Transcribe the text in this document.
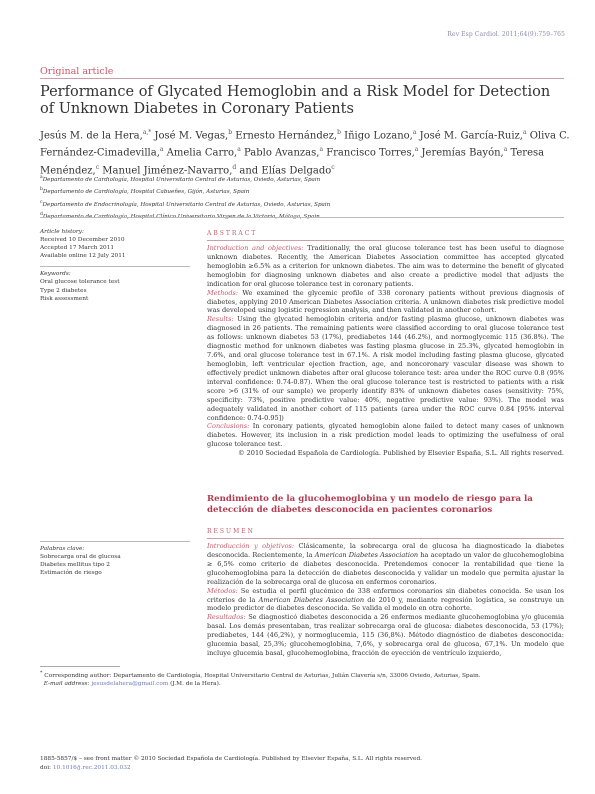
Rev Esp Cardiol. 2011;64(9):759–765
Original article
Performance of Glycated Hemoglobin and a Risk Model for Detection of Unknown Diabetes in Coronary Patients
Jesús M. de la Hera,$^{a,*}$ José M. Vegas,$^b$ Ernesto Hernández,$^b$ Iñigo Lozano,$^a$ José M. García-Ruiz,$^a$ Oliva C. Fernández-Cimadevilla,$^a$ Amelia Carro,$^a$ Pablo Avanzas,$^a$ Francisco Torres,$^a$ Jeremías Bayón,$^a$ Teresa Menéndez,$^c$ Manuel Jiménez-Navarro,$^d$ and Elías Delgado$^c$
$^a$Departamento de Cardiología, Hospital Universitario Central de Asturias, Oviedo, Asturias, Spain
$^b$Departamento de Cardiología, Hospital Cabueñes, Gijón, Asturias, Spain
$^c$Departamento de Endocrinología, Hospital Universitario Central de Asturias, Oviedo, Asturias, Spain
$^d$Departamento de Cardiología, Hospital Clínico Universitario Virgen de la Victoria, Málaga, Spain
Article history:
Received 10 December 2010
Accepted 17 March 2011
Available online 12 July 2011
Keywords:
Oral glucose tolerance test
Type 2 diabetes
Risk assessment
ABSTRACT
Introduction and objectives: Traditionally, the oral glucose tolerance test has been useful to diagnose unknown diabetes. Recently, the American Diabetes Association committee has accepted glycated hemoglobin ≥6.5% as a criterion for unknown diabetes. The aim was to determine the benefit of glycated hemoglobin for diagnosing unknown diabetes and also create a predictive model that adjusts the indication for oral glucose tolerance test in coronary patients.
Methods: We examined the glycemic profile of 338 coronary patients without previous diagnosis of diabetes, applying 2010 American Diabetes Association criteria. A unknown diabetes risk predictive model was developed using logistic regression analysis, and then validated in another cohort.
Results: Using the glycated hemoglobin criteria and/or fasting plasma glucose, unknown diabetes was diagnosed in 26 patients. The remaining patients were classified according to oral glucose tolerance test as follows: unknown diabetes 53 (17%), prediabetes 144 (46.2%), and normoglycemic 115 (36.8%). The diagnostic method for unknown diabetes was fasting plasma glucose in 25.3%, glycated hemoglobin in 7.6%, and oral glucose tolerance test in 67.1%. A risk model including fasting plasma glucose, glycated hemoglobin, left ventricular ejection fraction, age, and noncoronary vascular disease was shown to effectively predict unknown diabetes after oral glucose tolerance test: area under the ROC curve 0.8 (95% interval confidence: 0.74-0.87). When the oral glucose tolerance test is restricted to patients with a risk score >6 (31% of our sample) we properly identify 83% of unknown diabetes cases (sensitivity: 75%, specificity: 73%, positive predictive value: 40%, negative predictive value: 93%). The model was adequately validated in another cohort of 115 patients (area under the ROC curve 0.84 [95% interval confidence: 0.74-0.95])
Conclusions: In coronary patients, glycated hemoglobin alone failed to detect many cases of unknown diabetes. However, its inclusion in a risk prediction model leads to optimizing the usefulness of oral glucose tolerance test.
© 2010 Sociedad Española de Cardiología. Published by Elsevier España, S.L. All rights reserved.
Rendimiento de la glucohemoglobina y un modelo de riesgo para la detección de diabetes desconocida en pacientes coronarios
Palabras clave:
Sobrecarga oral de glucosa
Diabetes mellitus tipo 2
Estimación de riesgo
RESUMEN
Introducción y objetivos: Clásicamente, la sobrecarga oral de glucosa ha diagnosticado la diabetes desconocida. Recientemente, la American Diabetes Association ha aceptado un valor de glucohemoglobina ≥ 6,5% como criterio de diabetes desconocida. Pretendemos conocer la rentabilidad que tiene la glucohemoglobina para la detección de diabetes desconocida y validar un modelo que permita ajustar la realización de la sobrecarga oral de glucosa en enfermos coronarios.
Métodos: Se estudia el perfil glucémico de 338 enfermos coronarios sin diabetes conocida. Se usan los criterios de la American Diabetes Association de 2010 y, mediante regresión logística, se construye un modelo predictor de diabetes desconocida. Se valida el modelo en otra cohorte.
Resultados: Se diagnosticó diabetes desconocida a 26 enfermos mediante glucohemoglobina y/o glucemia basal. Los demás presentaban, tras realizar sobrecarga oral de glucosa: diabetes desconocida, 53 (17%); prediabetes, 144 (46,2%), y normoglucemia, 115 (36,8%). Método diagnóstico de diabetes desconocida: glucemia basal, 25,3%; glucohemoglobina, 7,6%, y sobrecarga oral de glucosa, 67,1%. Un modelo que incluye glucemia basal, glucohemoglobina, fracción de eyección de ventrículo izquierdo,
* Corresponding author: Departamento de Cardiología, Hospital Universitario Central de Asturias, Julián Clavería s/n, 33006 Oviedo, Asturias, Spain.
E-mail address: jesusdelahera@gmail.com (J.M. de la Hera).
1885-5857/$ – see front matter © 2010 Sociedad Española de Cardiología. Published by Elsevier España, S.L. All rights reserved.
doi: 10.1016/j.rec.2011.03.032
